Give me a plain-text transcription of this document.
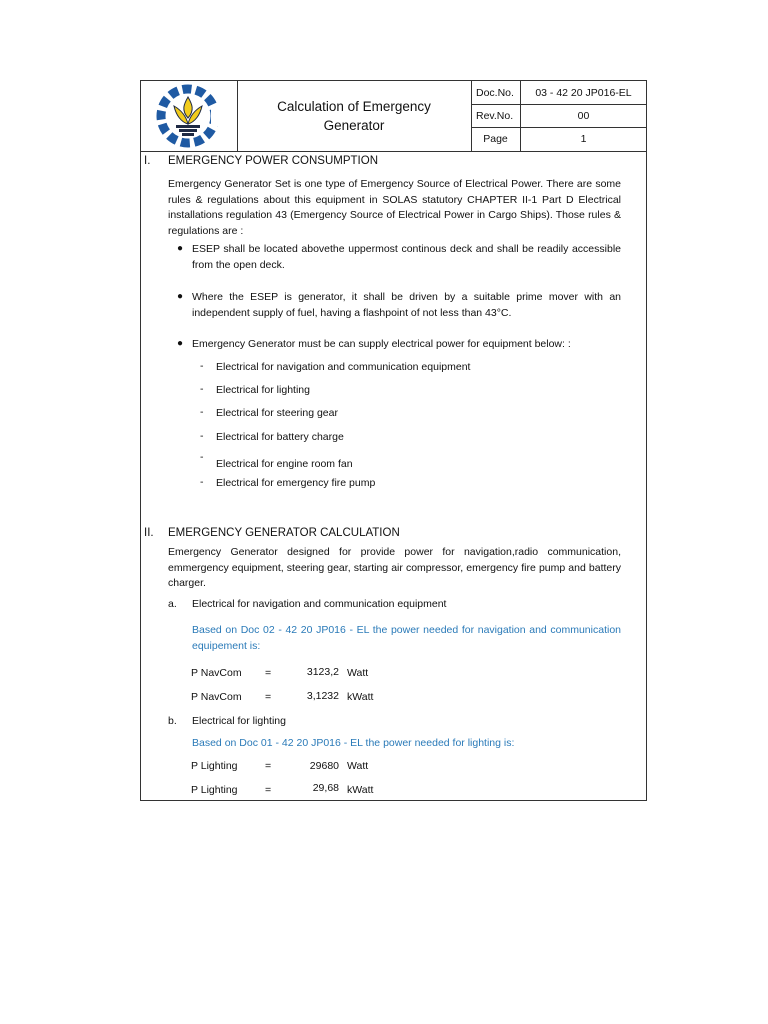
Calculation of Emergency
Generator
Doc.No.	03 - 42 20 JP016-EL
Rev.No.	00
Page	1
I. EMERGENCY POWER CONSUMPTION
Emergency Generator Set is one type of Emergency Source of Electrical Power. There are some rules & regulations about this equipment in SOLAS statutory CHAPTER II-1 Part D Electrical installations regulation 43 (Emergency Source of Electrical Power in Cargo Ships). Those rules & regulations are :
● ESEP shall be located abovethe uppermost continous deck and shall be readily accessible from the open deck.
● Where the ESEP is generator, it shall be driven by a suitable prime mover with an independent supply of fuel, having a flashpoint of not less than 43°C.
● Emergency Generator must be can supply electrical power for equipment below: :
- Electrical for navigation and communication equipment
- Electrical for lighting
- Electrical for steering gear
- Electrical for battery charge
-
Electrical for engine room fan
- Electrical for emergency fire pump
II. EMERGENCY GENERATOR CALCULATION
Emergency Generator designed for provide power for navigation,radio communication, emmergency equipment, steering gear, starting air compressor, emergency fire pump and battery charger.
a. Electrical for navigation and communication equipment
Based on Doc 02 - 42 20 JP016 - EL the power needed for navigation and communication equipement is:
P NavCom =	3123,2 Watt
P NavCom =	3,1232 kWatt
b. Electrical for lighting
Based on Doc 01 - 42 20 JP016 - EL the power needed for lighting is:
P Lighting	=	29680 Watt
P Lighting	=	29,68 kWatt
